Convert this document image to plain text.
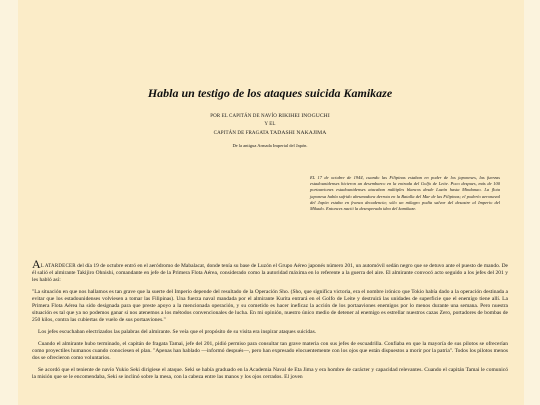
Habla un testigo de los ataques suicida Kamikaze
POR EL CAPITÁN DE NAVÍO RIKIHEI INOGUCHI
Y EL
CAPITÁN DE FRAGATA TADASHI NAKAJIMA
De la antigua Armada Imperial del Japón.
EL 17 de octubre de 1944, cuando las Filipinas estaban en poder de los japoneses, las fuerzas estadounidenses hicieron un desembarco en la entrada del Golfo de Leite. Poco despues, más de 100 portaaviones estadounidenses atacaban múltiples blancos desde Luzón hasta Mindanao. La flota japonesa había sufrido abrumadora derrota en la Batalla del Mar de las Filipinas; el poderío aeronaval del Japón estaba en franca decadencia; sólo un milagro podía salvar del desastre al Imperio del Mikado. Entonces nació la desesperada idea del kamikaze.

AL ATARDECER del día 19 de octubre entró en el aeródromo de Mabalacat, donde tenía su base de Luzón el Grupo Aéreo japonés número 201, un automóvil sedán negro que se detuvo ante el puesto de mando. De él salió el almirante Takijiro Ohnishi, comandante en jefe de la Primera Flota Aérea, considerado como la autoridad máxima en lo referente a la guerra del aire. El almirante convocó acto seguido a los jefes del 201 y les habló así:

"La situación en que nos hallamos es tan grave que la suerte del Imperio depende del resultado de la Operación Sho. (Sho, que significa victoria, era el nombre irónico que Tokio había dado a la operación destinada a evitar que los estadounidenses volviesen a tomar las Filipinas). Una fuerza naval mandada por el almirante Kurita entrará en el Golfo de Leite y destruirá las unidades de superficie que el enemigo tiene allí. La Primera Flota Aérea ha sido designada para que preste apoyo a la mencionada operación, y su cometido es hacer ineficaz la acción de los portaaviones enemigos por lo menos durante una semana. Pero nuestra situación es tal que ya no podemos ganar si nos atenemos a los métodos convencionales de lucha. En mi opinión, nuestro único medio de detener al enemigo es estrellar nuestros cazas Zero, portadores de bombas de 250 kilos, contra las cubiertas de vuelo de sus portaaviones."

Los jefes escuchaban electrizados las palabras del almirante. Se veía que el propósito de su visita era inspirar ataques suicidas.

Cuando el almirante hubo terminado, el capitán de fragata Tamai, jefe del 201, pidió permiso para consultar tan grave materia con sus jefes de escuadrilla. Confiaba en que la mayoría de sus pilotos se ofrecerían como proyectiles humanos cuando conociesen el plan. "Apenas han hablado —informó después—, pero han expresado elocuentemente con los ojos que están dispuestos a morir por la patria". Todos los pilotos menos dos se ofrecieron como voluntarios.

Se acordó que el teniente de navío Yukio Seki dirigiese el ataque. Seki se había graduado en la Academia Naval de Eta Jima y era hombre de carácter y capacidad relevantes. Cuando el capitán Tamai le comunicó la misión que se le encomendaba, Seki se inclinó sobre la mesa, con la cabeza entre las manos y los ojos cerrados. El joven
